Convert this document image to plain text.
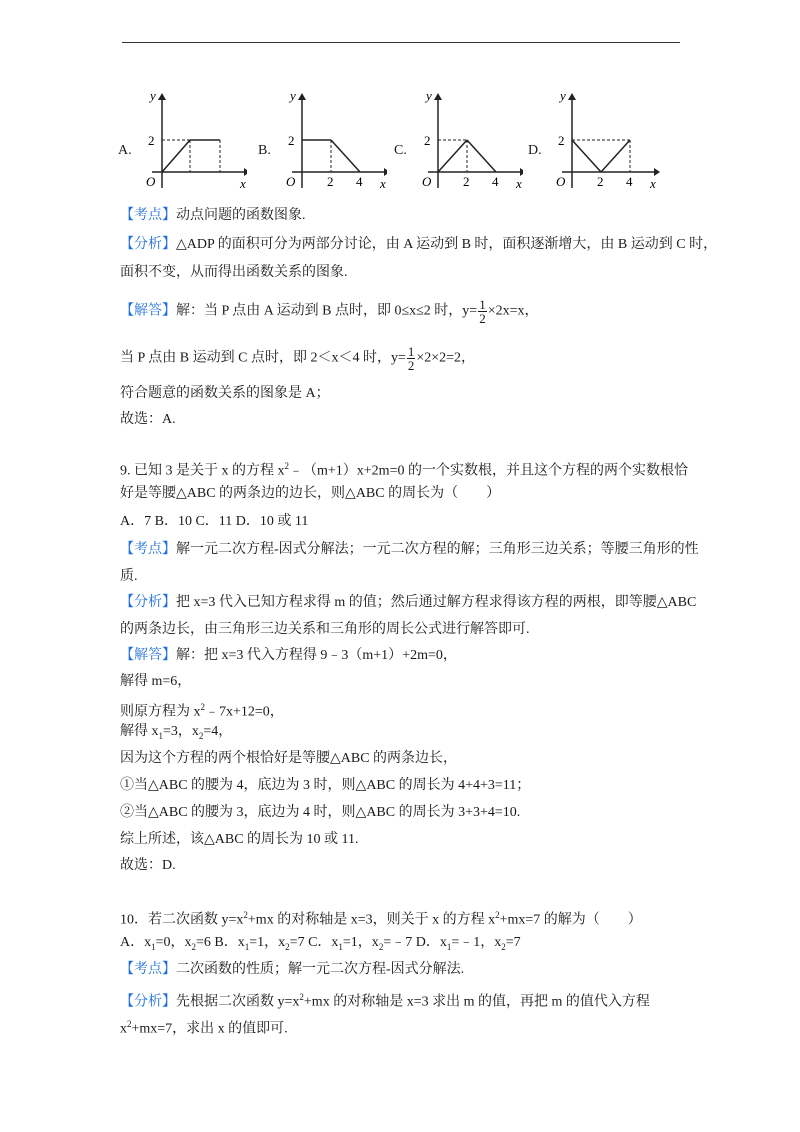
A.
y
x
O
2
B.
y
x
O
2
2 4
C.
y
x
O
2
2 4
D.
y
x
O
2
2 4
【考点】动点问题的函数图象.
【分析】△ADP 的面积可分为两部分讨论，由 A 运动到 B 时，面积逐渐增大，由 B 运动到 C 时，
面积不变，从而得出函数关系的图象.
【解答】解：当 P 点由 A 运动到 B 点时，即 0≤x≤2 时，$y= \frac{1}{2} \times 2x=x$，
当 P 点由 B 运动到 C 点时，即 2＜x＜4 时，$y= \frac{1}{2} \times 2\times 2=2$，
符合题意的函数关系的图象是 A；
故选：A.
9. 已知 3 是关于 x 的方程 $x^2﹣(m+1)x+2m=0$ 的一个实数根，并且这个方程的两个实数根恰
好是等腰△ABC 的两条边的边长，则△ABC 的周长为（　　）
A．7 B．10 C．11 D．10 或 11
【考点】解一元二次方程-因式分解法；一元二次方程的解；三角形三边关系；等腰三角形的性
质.
【分析】把 x=3 代入已知方程求得 m 的值；然后通过解方程求得该方程的两根，即等腰△ABC
的两条边长，由三角形三边关系和三角形的周长公式进行解答即可.
【解答】解：把 x=3 代入方程得 9﹣3（m+1）+2m=0，
解得 m=6，
则原方程为 $x^2﹣7x+12=0$，
解得 $x_1=3$，$x_2=4$，
因为这个方程的两个根恰好是等腰△ABC 的两条边长，
①当△ABC 的腰为 4，底边为 3 时，则△ABC 的周长为 4+4+3=11；
②当△ABC 的腰为 3，底边为 4 时，则△ABC 的周长为 3+3+4=10.
综上所述，该△ABC 的周长为 10 或 11.
故选：D.
10．若二次函数 $y=x^2+mx$ 的对称轴是 x=3，则关于 x 的方程 $x^2+mx=7$ 的解为（　　）
A．$x_1=0$，$x_2=6$ B．$x_1=1$，$x_2=7$ C．$x_1=1$，$x_2=﹣7$ D．$x_1=﹣1$，$x_2=7$
【考点】二次函数的性质；解一元二次方程-因式分解法.
【分析】先根据二次函数 $y=x^2+mx$ 的对称轴是 x=3 求出 m 的值，再把 m 的值代入方程
$x^2+mx=7$，求出 x 的值即可.
